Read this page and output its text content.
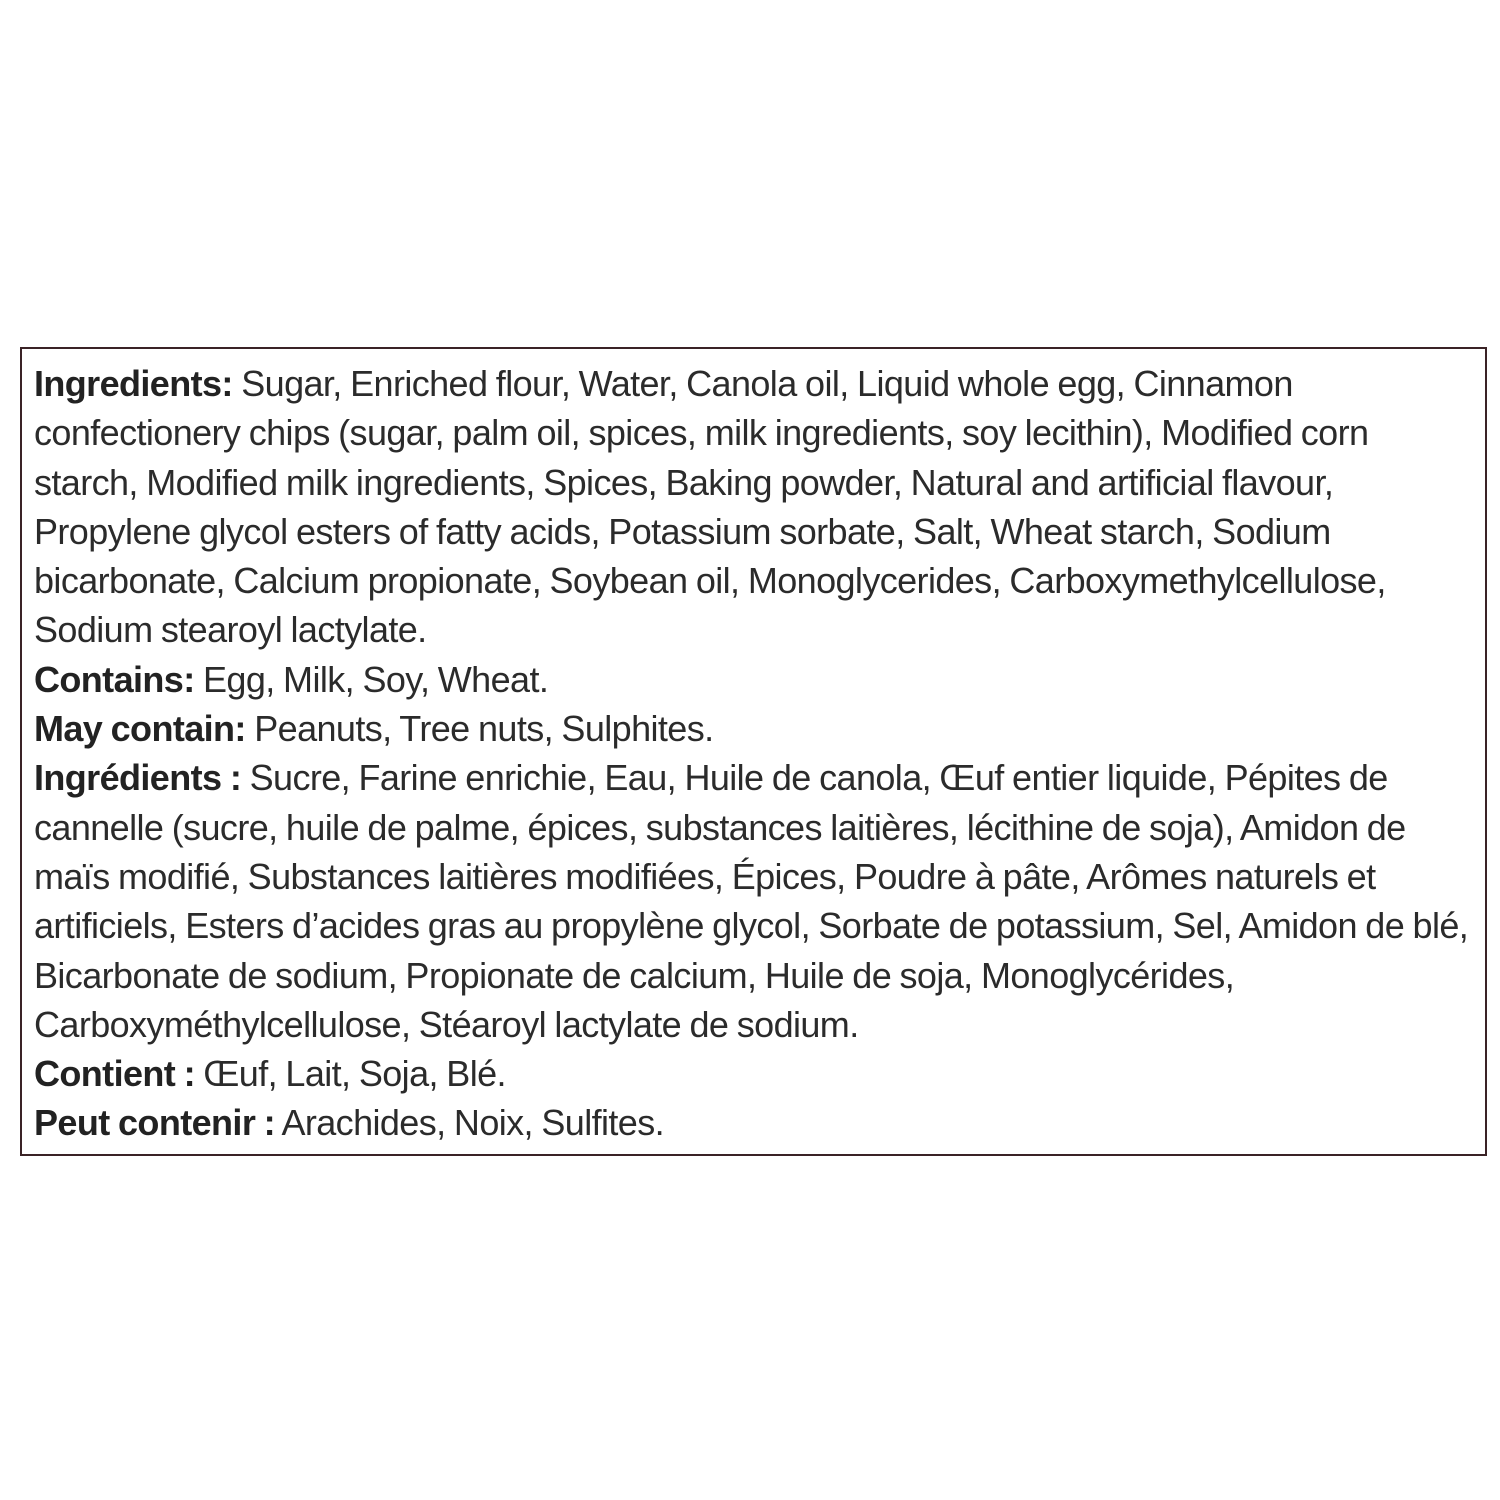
Ingredients: Sugar, Enriched flour, Water, Canola oil, Liquid whole egg, Cinnamon confectionery chips (sugar, palm oil, spices, milk ingredients, soy lecithin), Modified corn starch, Modified milk ingredients, Spices, Baking powder, Natural and artificial flavour, Propylene glycol esters of fatty acids, Potassium sorbate, Salt, Wheat starch, Sodium bicarbonate, Calcium propionate, Soybean oil, Monoglycerides, Carboxymethylcellulose, Sodium stearoyl lactylate.

Contains: Egg, Milk, Soy, Wheat.

May contain: Peanuts, Tree nuts, Sulphites.

Ingrédients : Sucre, Farine enrichie, Eau, Huile de canola, Œuf entier liquide, Pépites de cannelle (sucre, huile de palme, épices, substances laitières, lécithine de soja), Amidon de maïs modifié, Substances laitières modifiées, Épices, Poudre à pâte, Arômes naturels et artificiels, Esters d’acides gras au propylène glycol, Sorbate de potassium, Sel, Amidon de blé, Bicarbonate de sodium, Propionate de calcium, Huile de soja, Monoglycérides, Carboxyméthylcellulose, Stéaroyl lactylate de sodium.

Contient : Œuf, Lait, Soja, Blé.

Peut contenir : Arachides, Noix, Sulfites.
